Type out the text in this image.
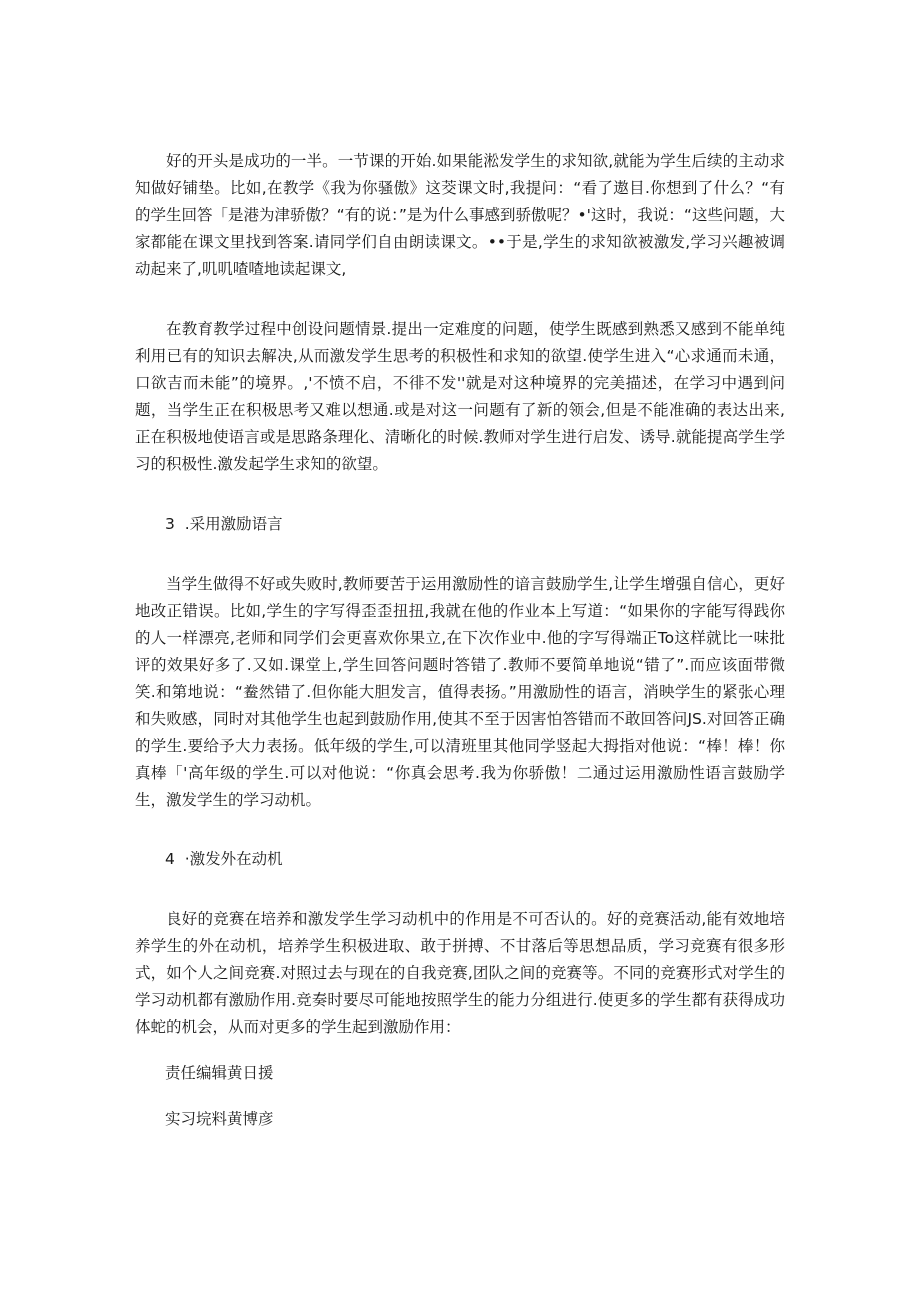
好的开头是成功的一半。一节课的开始.如果能淞发学生的求知欲,就能为学生后续的主动求知做好铺垫。比如,在教学《我为你骚傲》这茭课文时,我提问：“看了遨目.你想到了什么？“有的学生回答「是港为津骄傲？“有的说：”是为什么事感到骄傲呢？•'这时，我说：“这些问题，大家都能在课文里找到答案.请同学们自由朗读课文。••于是,学生的求知欲被激发,学习兴趣被调动起来了,叽叽喳喳地读起课文,

在教育教学过程中创设问题情景.提出一定难度的问题，使学生既感到熟悉又感到不能单纯利用已有的知识去解决,从而激发学生思考的积极性和求知的欲望.使学生进入“心求通而未通，口欲吉而未能”的境界。,'不愤不启，不徘不发''就是对这种境界的完美描述，在学习中遇到问题，当学生正在积极思考又难以想通.或是对这一问题有了新的领会,但是不能准确的表达出来,正在积极地使语言或是思路条理化、清晰化的时候.教师对学生进行启发、诱导.就能提高学生学习的积极性.激发起学生求知的欲望。

3  .采用激励语言

当学生做得不好或失败时,教师要苦于运用激励性的谙言鼓励学生,让学生增强自信心，更好地改正错误。比如,学生的字写得歪歪扭扭,我就在他的作业本上写道：“如果你的字能写得践你的人一样漂亮,老师和同学们会更喜欢你果立,在下次作业中.他的字写得端正To这样就比一味批评的效果好多了.又如.课堂上,学生回答问题时答错了.教师不要简单地说“错了”.而应该面带微笑.和第地说：“鲞然错了.但你能大胆发言，值得表扬。”用激励性的语言，消映学生的紧张心理和失败感，同时对其他学生也起到鼓励作用,使其不至于因害怕答错而不敢回答问JS.对回答正确的学生.要给予大力表扬。低年级的学生,可以清班里其他同学竖起大拇指对他说：“棒！棒！你真棒「'高年级的学生.可以对他说：“你真会思考.我为你骄傲！二通过运用激励性语言鼓励学生，激发学生的学习动机。

4  ·激发外在动机

良好的竞赛在培养和激发学生学习动机中的作用是不可否认的。好的竞赛活动,能有效地培养学生的外在动机，培养学生积极进取、敢于拼搏、不甘落后等思想品质，学习竞赛有很多形式，如个人之间竞赛.对照过去与现在的自我竞赛,团队之间的竞赛等。不同的竞赛形式对学生的学习动机都有激励作用.竞奏时要尽可能地按照学生的能力分组进行.使更多的学生都有获得成功体蛇的机会，从而对更多的学生起到激励作用：

责任编辑黄日援

实习垸料黄博彦
